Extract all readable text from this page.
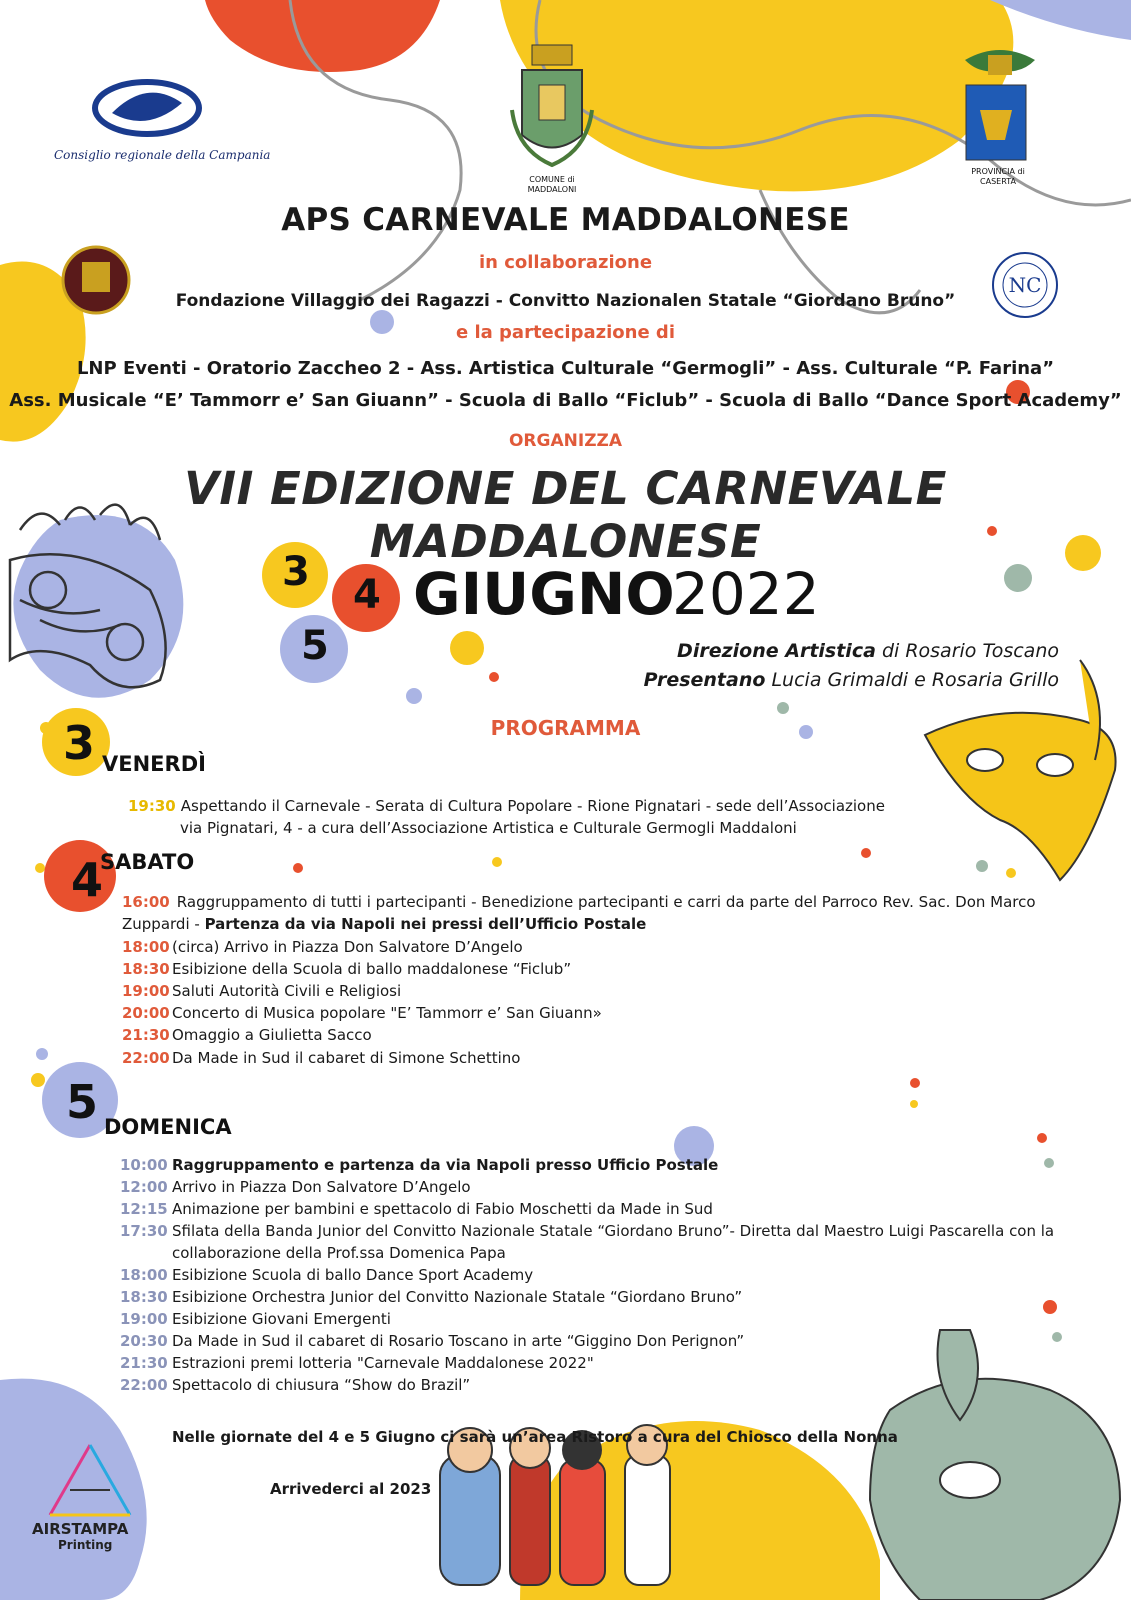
Consiglio regionale della Campania
COMUNE di
MADDALONI
PROVINCIA di
CASERTA
NC
APS CARNEVALE MADDALONESE
in collaborazione
Fondazione Villaggio dei Ragazzi - Convitto Nazionalen Statale “Giordano Bruno”
e la partecipazione di
LNP Eventi - Oratorio Zaccheo 2 - Ass. Artistica Culturale “Germogli” - Ass. Culturale “P. Farina”
Ass. Musicale “E’ Tammorr e’ San Giuann” - Scuola di Ballo “Ficlub” - Scuola di Ballo “Dance Sport Academy”
ORGANIZZA
VII EDIZIONE DEL CARNEVALE MADDALONESE
3 4
5
GIUGNO
2022
Direzione Artistica di Rosario Toscano
Presentano Lucia Grimaldi e Rosaria Grillo
PROGRAMMA
3 VENERDÌ
19:30 Aspettando il Carnevale - Serata di Cultura Popolare - Rione Pignatari - sede dell’Associazione
via Pignatari, 4 - a cura dell’Associazione Artistica e Culturale Germogli Maddaloni
4
SABATO
16:00 Raggruppamento di tutti i partecipanti - Benedizione partecipanti e carri da parte del Parroco Rev. Sac. Don Marco
Zuppardi - Partenza da via Napoli nei pressi dell’Ufficio Postale
18:00 (circa) Arrivo in Piazza Don Salvatore D’Angelo
18:30 Esibizione della Scuola di ballo maddalonese “Ficlub”
19:00 Saluti Autorità Civili e Religiosi
20:00 Concerto di Musica popolare "E’ Tammorr e’ San Giuann»
21:30 Omaggio a Giulietta Sacco
22:00 Da Made in Sud il cabaret di Simone Schettino
5 DOMENICA
10:00 Raggruppamento e partenza da via Napoli presso Ufficio Postale
12:00 Arrivo in Piazza Don Salvatore D’Angelo
12:15 Animazione per bambini e spettacolo di Fabio Moschetti da Made in Sud
17:30 Sfilata della Banda Junior del Convitto Nazionale Statale “Giordano Bruno”- Diretta dal Maestro Luigi Pascarella con la
collaborazione della Prof.ssa Domenica Papa
18:00 Esibizione Scuola di ballo Dance Sport Academy
18:30 Esibizione Orchestra Junior del Convitto Nazionale Statale “Giordano Bruno”
19:00 Esibizione Giovani Emergenti
20:30 Da Made in Sud il cabaret di Rosario Toscano in arte “Giggino Don Perignon”
21:30 Estrazioni premi lotteria "Carnevale Maddalonese 2022"
22:00 Spettacolo di chiusura “Show do Brazil”
Nelle giornate del 4 e 5 Giugno ci sarà un’area Ristoro a cura del Chiosco della Nonna
Arrivederci al 2023
AIRSTAMPA
Printing
